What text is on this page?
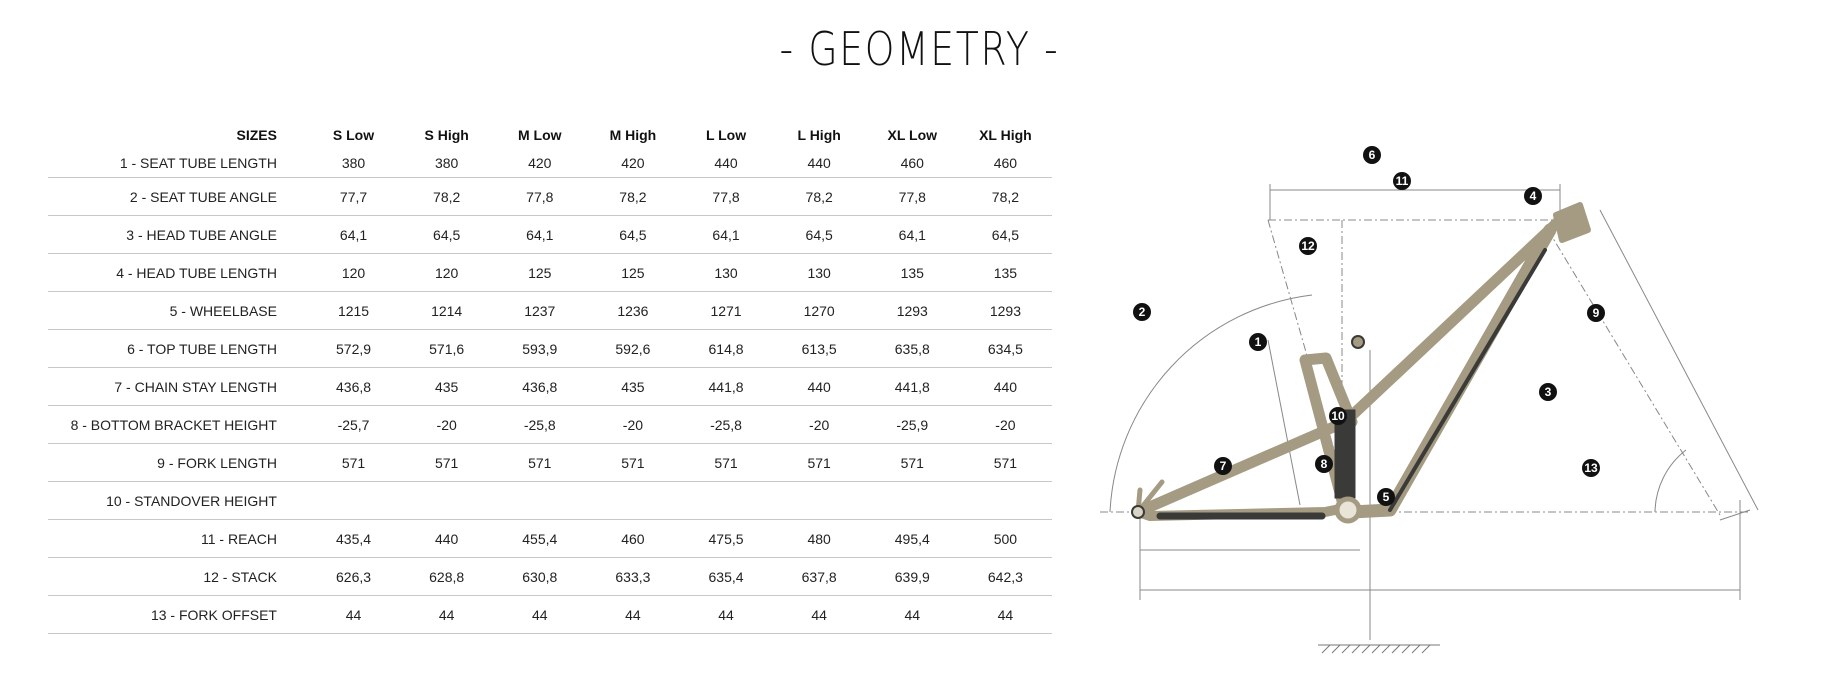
- GEOMETRY -
SIZES	S Low	S High	M Low	M High	L Low	L High	XL Low	XL High
1 - SEAT TUBE LENGTH	380	380	420	420	440	440	460	460
2 - SEAT TUBE ANGLE	77,7	78,2	77,8	78,2	77,8	78,2	77,8	78,2
3 - HEAD TUBE ANGLE	64,1	64,5	64,1	64,5	64,1	64,5	64,1	64,5
4 - HEAD TUBE LENGTH	120	120	125	125	130	130	135	135
5 - WHEELBASE	1215	1214	1237	1236	1271	1270	1293	1293
6 - TOP TUBE LENGTH	572,9	571,6	593,9	592,6	614,8	613,5	635,8	634,5
7 - CHAIN STAY LENGTH	436,8	435	436,8	435	441,8	440	441,8	440
8 - BOTTOM BRACKET HEIGHT	-25,7	-20	-25,8	-20	-25,8	-20	-25,9	-20
9 - FORK LENGTH	571	571	571	571	571	571	571	571
10 - STANDOVER HEIGHT								
11 - REACH	435,4	440	455,4	460	475,5	480	495,4	500
12 - STACK	626,3	628,8	630,8	633,3	635,4	637,8	639,9	642,3
13 - FORK OFFSET	44	44	44	44	44	44	44	44
1
2
3
4
5
6
7	8
9
10
11
12
13
